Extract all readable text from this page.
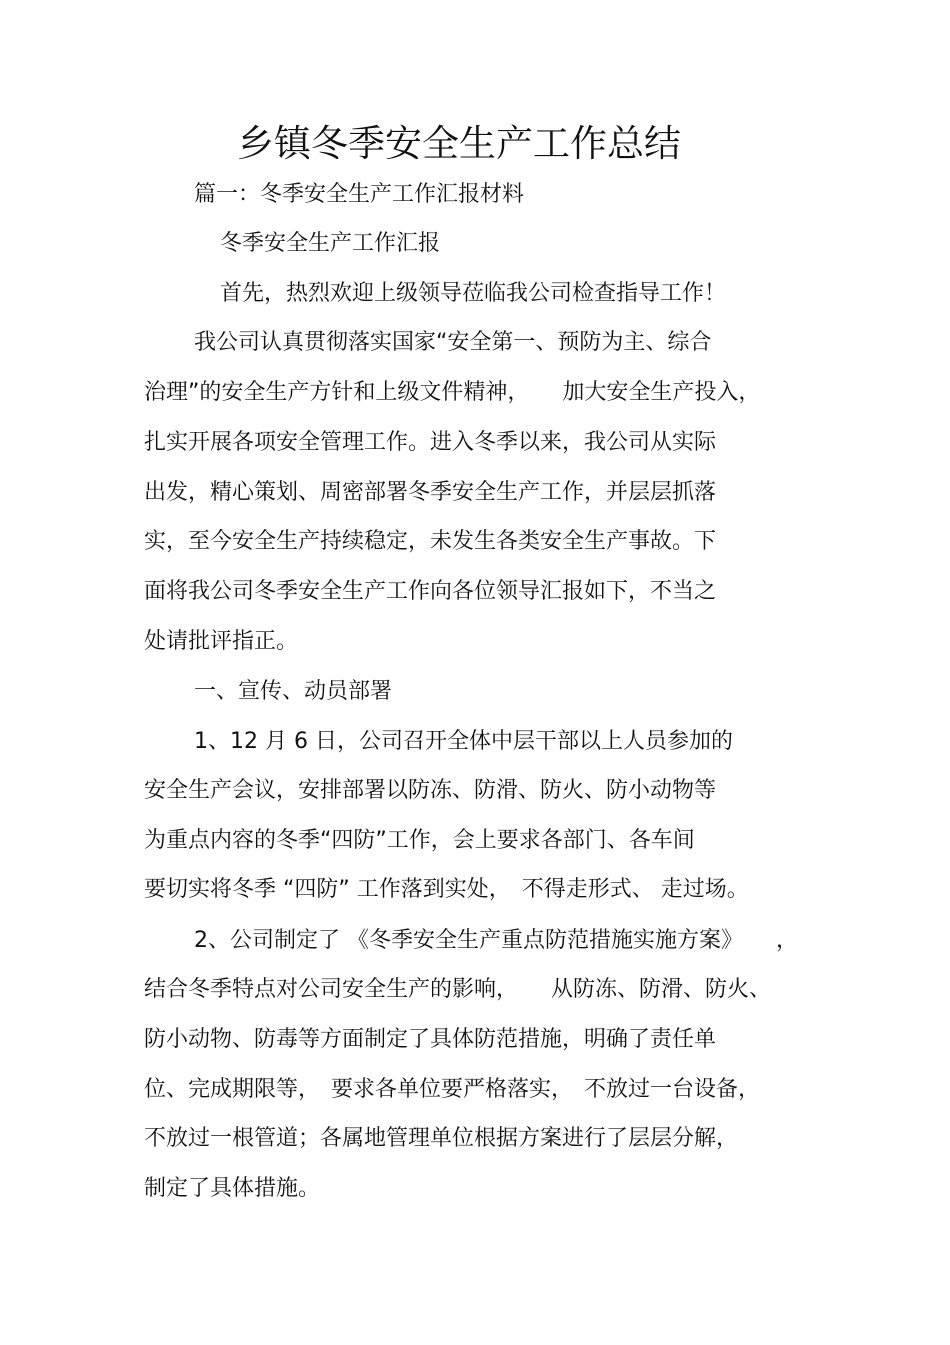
乡镇冬季安全生产工作总结
篇一：冬季安全生产工作汇报材料
冬季安全生产工作汇报
首先，热烈欢迎上级领导莅临我公司检查指导工作！
我公司认真贯彻落实国家“安全第一、预防为主、综合
治理”的安全生产方针和上级文件精神，　　加大安全生产投入，
扎实开展各项安全管理工作。进入冬季以来，我公司从实际
出发，精心策划、周密部署冬季安全生产工作，并层层抓落
实，至今安全生产持续稳定，未发生各类安全生产事故。下
面将我公司冬季安全生产工作向各位领导汇报如下，不当之
处请批评指正。
一、宣传、动员部署
1、12 月 6 日，公司召开全体中层干部以上人员参加的
安全生产会议，安排部署以防冻、防滑、防火、防小动物等
为重点内容的冬季“四防”工作，会上要求各部门、各车间
要切实将冬季 “四防” 工作落到实处，　不得走形式、 走过场。
2、公司制定了 《冬季安全生产重点防范措施实施方案》　　，
结合冬季特点对公司安全生产的影响，　　从防冻、防滑、防火、
防小动物、防毒等方面制定了具体防范措施，明确了责任单
位、完成期限等，　要求各单位要严格落实，　不放过一台设备，
不放过一根管道；各属地管理单位根据方案进行了层层分解，
制定了具体措施。
